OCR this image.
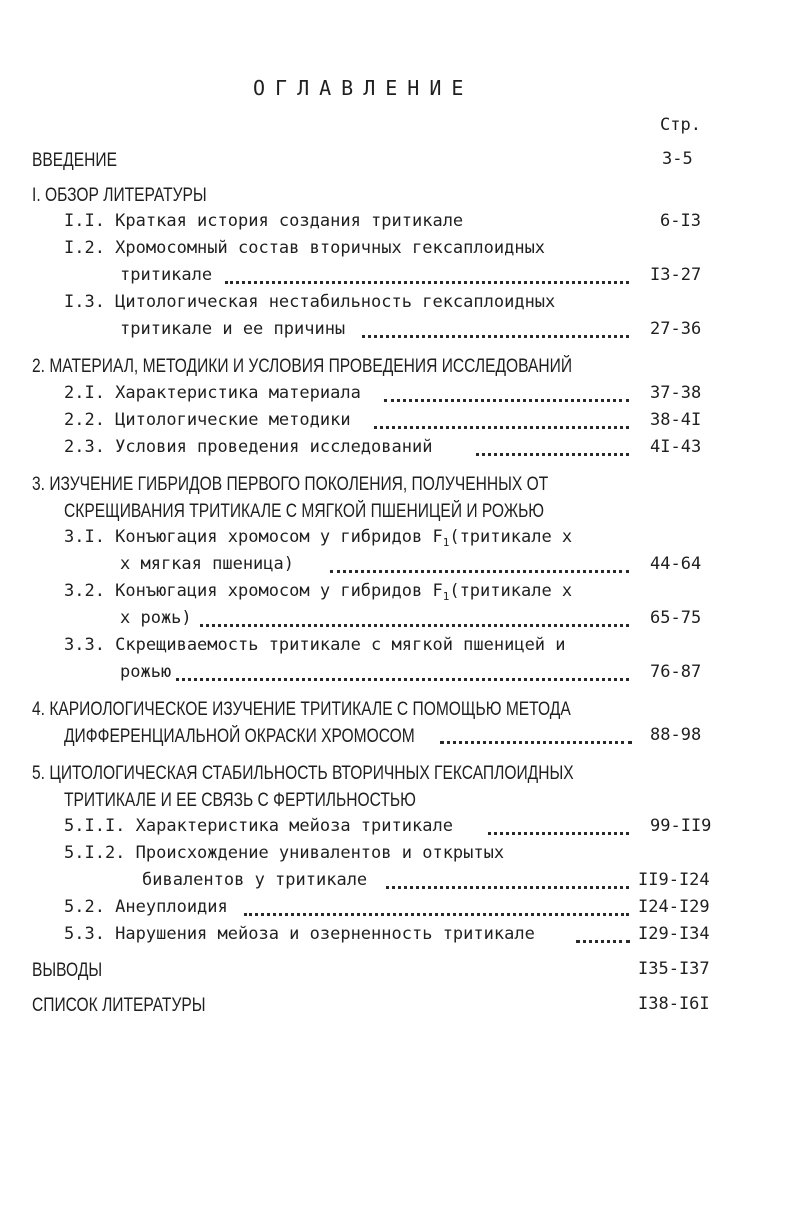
ОГЛАВЛЕНИЕ
Стр.
ВВЕДЕНИЕ	3-5
I. ОБЗОР ЛИТЕРАТУРЫ
I.I. Краткая история создания тритикале	6-I3
I.2. Хромосомный состав вторичных гексаплоидных
тритикале	I3-27
I.3. Цитологическая нестабильность гексаплоидных
тритикале и ее причины	27-36
2. МАТЕРИАЛ, МЕТОДИКИ И УСЛОВИЯ ПРОВЕДЕНИЯ ИССЛЕДОВАНИЙ
2.I. Характеристика материала	37-38
2.2. Цитологические методики	38-4I
2.3. Условия проведения исследований	4I-43
3. ИЗУЧЕНИЕ ГИБРИДОВ ПЕРВОГО ПОКОЛЕНИЯ, ПОЛУЧЕННЫХ ОТ
СКРЕЩИВАНИЯ ТРИТИКАЛЕ С МЯГКОЙ ПШЕНИЦЕЙ И РОЖЬЮ
3.I. Конъюгация хромосом у гибридов $F_1(тритикале$ х
х мягкая пшеница)	44-64
3.2. Конъюгация хромосом у гибридов $F_1(тритикале$ х
х рожь)	65-75
3.3. Скрещиваемость тритикале с мягкой пшеницей и
рожью	76-87
4. КАРИОЛОГИЧЕСКОЕ ИЗУЧЕНИЕ ТРИТИКАЛЕ С ПОМОЩЬЮ МЕТОДА
ДИФФЕРЕНЦИАЛЬНОЙ ОКРАСКИ ХРОМОСОМ	88-98
5. ЦИТОЛОГИЧЕСКАЯ СТАБИЛЬНОСТЬ ВТОРИЧНЫХ ГЕКСАПЛОИДНЫХ
ТРИТИКАЛЕ И ЕЕ СВЯЗЬ С ФЕРТИЛЬНОСТЬЮ
5.I.I. Характеристика мейоза тритикале	99-II9
5.I.2. Происхождение унивалентов и открытых
бивалентов у тритикале	II9-I24
5.2. Анеуплоидия	I24-I29
5.3. Нарушения мейоза и озерненность тритикале	I29-I34
ВЫВОДЫ	I35-I37
СПИСОК ЛИТЕРАТУРЫ	I38-I6I
